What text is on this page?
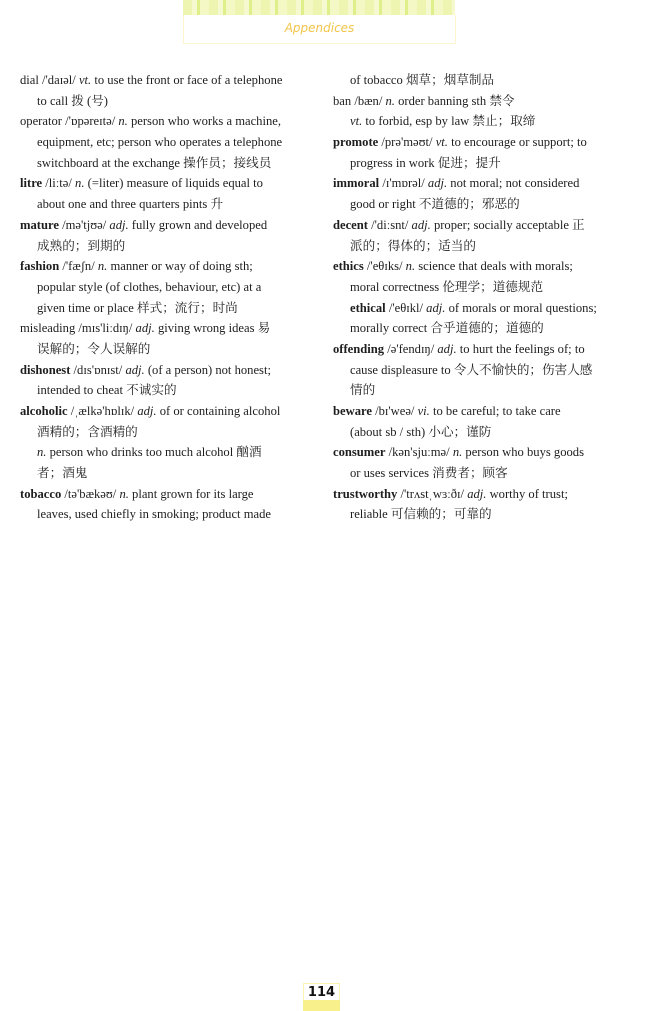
Appendices
dial /'daɪəl/ vt. to use the front or face of a telephone
to call 拨 (号)
operator /'ɒpəreɪtə/ n. person who works a machine,
equipment, etc; person who operates a telephone
switchboard at the exchange 操作员；接线员
litre /liːtə/ n. (=liter) measure of liquids equal to
about one and three quarters pints 升
mature /mə'tjʊə/ adj. fully grown and developed
成熟的；到期的
fashion /'fæʃn/ n. manner or way of doing sth;
popular style (of clothes, behaviour, etc) at a
given time or place 样式；流行；时尚
misleading /mɪs'liːdɪŋ/ adj. giving wrong ideas 易
误解的；令人误解的
dishonest /dɪs'ɒnɪst/ adj. (of a person) not honest;
intended to cheat 不诚实的
alcoholic /ˌælkə'hɒlɪk/ adj. of or containing alcohol
酒精的；含酒精的
n. person who drinks too much alcohol 酗酒
者；酒鬼
tobacco /tə'bækəʊ/ n. plant grown for its large
leaves, used chiefly in smoking; product made
of tobacco 烟草；烟草制品
ban /bæn/ n. order banning sth 禁令
vt. to forbid, esp by law 禁止；取缔
promote /prə'məʊt/ vt. to encourage or support; to
progress in work 促进；提升
immoral /ɪ'mɒrəl/ adj. not moral; not considered
good or right 不道德的；邪恶的
decent /'diːsnt/ adj. proper; socially acceptable 正
派的；得体的；适当的
ethics /'eθɪks/ n. science that deals with morals;
moral correctness 伦理学；道德规范
ethical /'eθɪkl/ adj. of morals or moral questions;
morally correct 合乎道德的；道德的
offending /ə'fendɪŋ/ adj. to hurt the feelings of; to
cause displeasure to 令人不愉快的；伤害人感
情的
beware /bɪ'weə/ vi. to be careful; to take care
(about sb / sth) 小心；谨防
consumer /kən'sjuːmə/ n. person who buys goods
or uses services 消费者；顾客
trustworthy /'trʌstˌwɜːðɪ/ adj. worthy of trust;
reliable 可信赖的；可靠的
114
